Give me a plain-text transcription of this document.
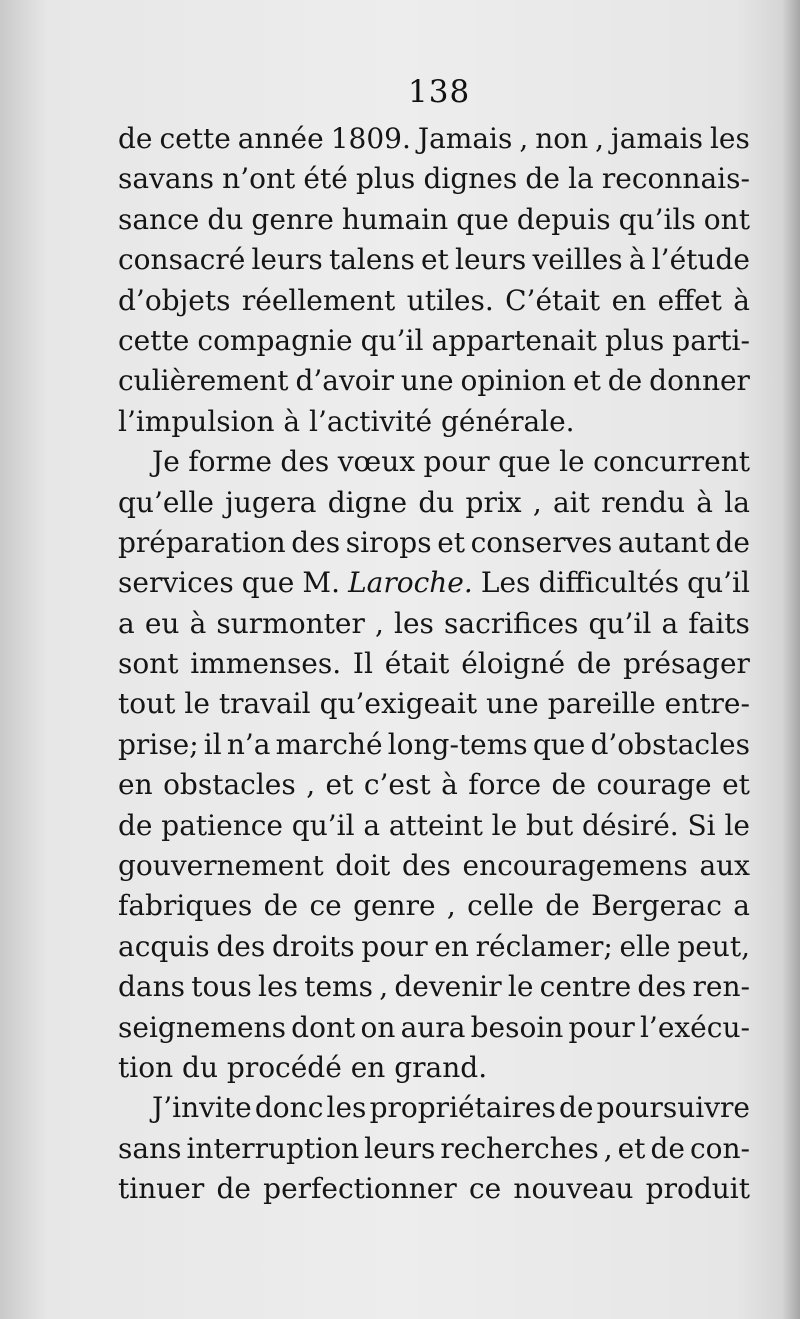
138
de cette année 1809. Jamais , non , jamais les
savans n’ont été plus dignes de la reconnais-
sance du genre humain que depuis qu’ils ont
consacré leurs talens et leurs veilles à l’étude
d’objets réellement utiles. C’était en effet à
cette compagnie qu’il appartenait plus parti-
culièrement d’avoir une opinion et de donner
l’impulsion
à
l’activité
générale.
Je forme des vœux pour que le concurrent
qu’elle jugera digne du prix , ait rendu à la
préparation des sirops et conserves autant de
services que M. Laroche. Les difficultés qu’il
a eu à surmonter , les sacrifices qu’il a faits
sont immenses. Il était éloigné de présager
tout le travail qu’exigeait une pareille entre-
prise; il n’a marché long-tems que d’obstacles
en obstacles , et c’est à force de courage et
de patience qu’il a atteint le but désiré. Si le
gouvernement doit des encouragemens aux
fabriques de ce genre , celle de Bergerac a
acquis des droits pour en réclamer; elle peut,
dans tous les tems , devenir le centre des ren-
seignemens dont on aura besoin pour l’exécu-
tion
du
procédé
en
grand.
J’invite donc les propriétaires de poursuivre
sans interruption leurs recherches , et de con-
tinuer de perfectionner ce nouveau produit
